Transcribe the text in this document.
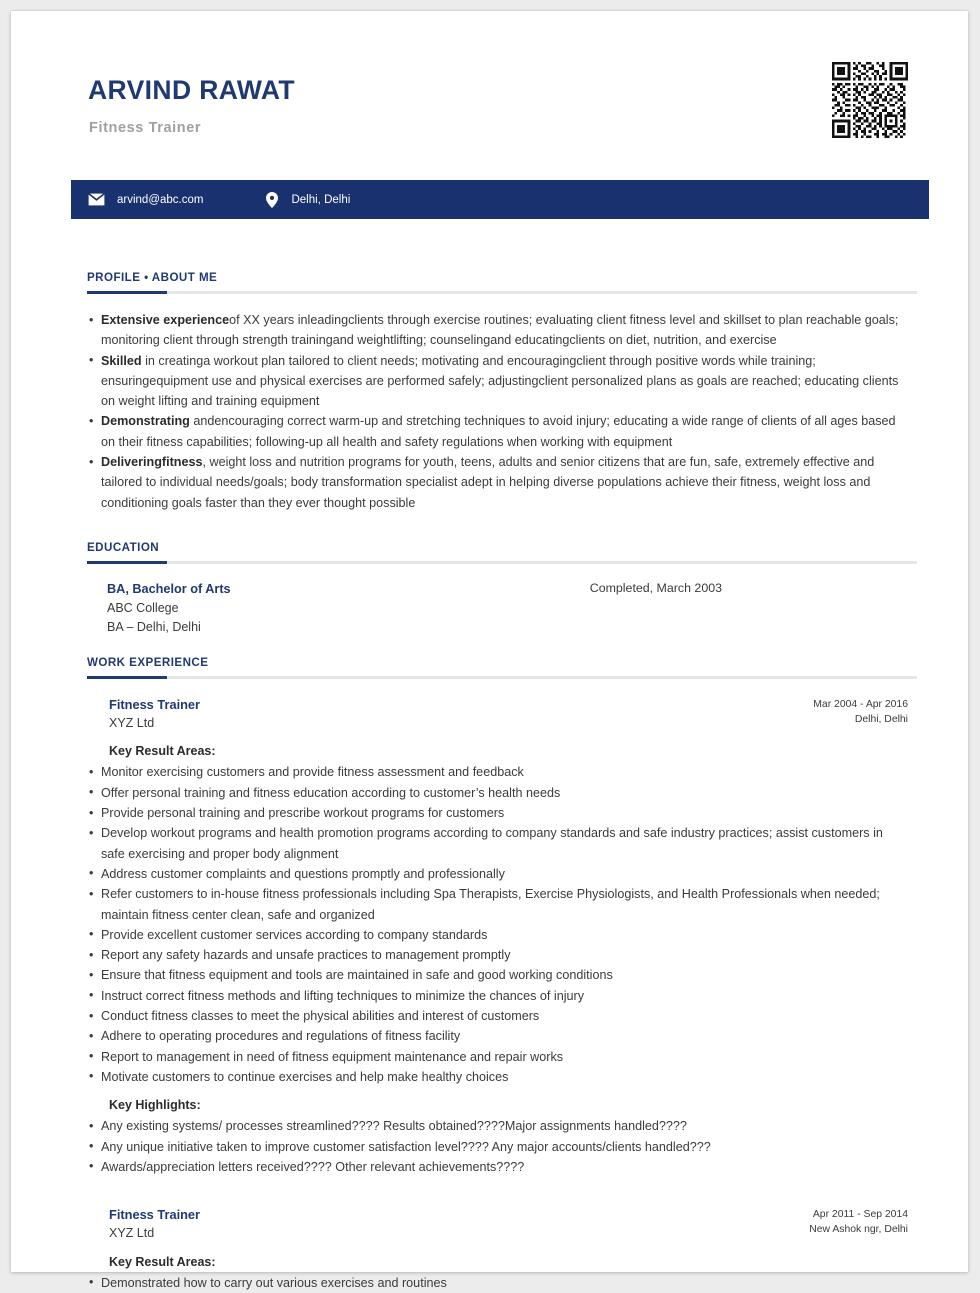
ARVIND RAWAT
Fitness Trainer
arvind@abc.com	Delhi, Delhi
PROFILE • ABOUT ME
• Extensive experienceof XX years inleadingclients through exercise routines; evaluating client fitness level and skillset to plan reachable goals; monitoring client through strength trainingand weightlifting; counselingand educatingclients on diet, nutrition, and exercise
• Skilled in creatinga workout plan tailored to client needs; motivating and encouragingclient through positive words while training; ensuringequipment use and physical exercises are performed safely; adjustingclient personalized plans as goals are reached; educating clients on weight lifting and training equipment
• Demonstrating andencouraging correct warm-up and stretching techniques to avoid injury; educating a wide range of clients of all ages based on their fitness capabilities; following-up all health and safety regulations when working with equipment
• Deliveringfitness, weight loss and nutrition programs for youth, teens, adults and senior citizens that are fun, safe, extremely effective and tailored to individual needs/goals; body transformation specialist adept in helping diverse populations achieve their fitness, weight loss and conditioning goals faster than they ever thought possible
EDUCATION
BA, Bachelor of Arts
ABC College
BA – Delhi, Delhi
Completed, March 2003
WORK EXPERIENCE
Fitness Trainer
XYZ Ltd
Mar 2004 - Apr 2016
Delhi, Delhi
Key Result Areas:
• Monitor exercising customers and provide fitness assessment and feedback
• Offer personal training and fitness education according to customer’s health needs
• Provide personal training and prescribe workout programs for customers
• Develop workout programs and health promotion programs according to company standards and safe industry practices; assist customers in safe exercising and proper body alignment
• Address customer complaints and questions promptly and professionally
• Refer customers to in-house fitness professionals including Spa Therapists, Exercise Physiologists, and Health Professionals when needed; maintain fitness center clean, safe and organized
• Provide excellent customer services according to company standards
• Report any safety hazards and unsafe practices to management promptly
• Ensure that fitness equipment and tools are maintained in safe and good working conditions
• Instruct correct fitness methods and lifting techniques to minimize the chances of injury
• Conduct fitness classes to meet the physical abilities and interest of customers
• Adhere to operating procedures and regulations of fitness facility
• Report to management in need of fitness equipment maintenance and repair works
• Motivate customers to continue exercises and help make healthy choices
Key Highlights:
• Any existing systems/ processes streamlined???? Results obtained????Major assignments handled????
• Any unique initiative taken to improve customer satisfaction level???? Any major accounts/clients handled???
• Awards/appreciation letters received???? Other relevant achievements????
Fitness Trainer
XYZ Ltd
Apr 2011 - Sep 2014
New Ashok ngr, Delhi
Key Result Areas:
• Demonstrated how to carry out various exercises and routines
